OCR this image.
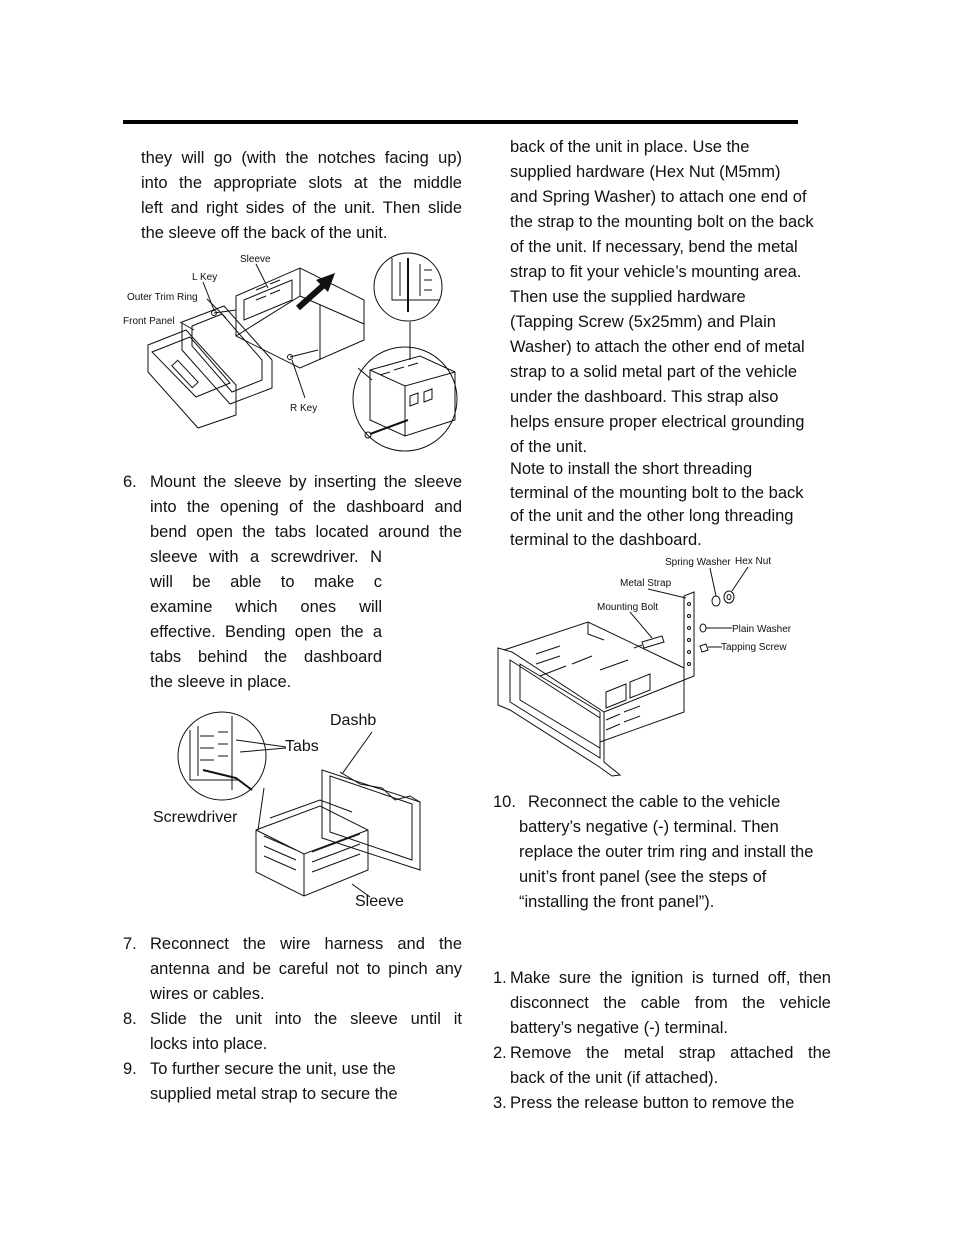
they will go (with the notches facing up)
into the appropriate slots at the middle
left and right sides of the unit. Then slide
the sleeve off the back of the unit.
Sleeve
L Key
Outer Trim Ring
Front Panel
R Key
6. Mount the sleeve by inserting the sleeve
into the opening of the dashboard and
bend open the tabs located around the
sleeve with a screwdriver. N
will be able to make c
examine which ones will
effective. Bending open the a
tabs behind the dashboard
the sleeve in place.
Dashb
Tabs
Screwdriver
Sleeve
7. Reconnect the wire harness and the
antenna and be careful not to pinch any
wires or cables.
8. Slide the unit into the sleeve until it
locks into place.
9. To further secure the unit, use the
supplied metal strap to secure the
back of the unit in place. Use the
supplied hardware (Hex Nut (M5mm)
and Spring Washer) to attach one end of
the strap to the mounting bolt on the back
of the unit. If necessary, bend the metal
strap to fit your vehicle’s mounting area.
Then use the supplied hardware
(Tapping Screw (5x25mm) and Plain
Washer) to attach the other end of metal
strap to a solid metal part of the vehicle
under the dashboard. This strap also
helps ensure proper electrical grounding
of the unit.
Note to install the short threading
terminal of the mounting bolt to the back
of the unit and the other long threading
terminal to the dashboard.
Spring Washer Hex Nut
Metal Strap
Mounting Bolt
Plain Washer
Tapping Screw
10. Reconnect the cable to the vehicle
battery’s negative (-) terminal. Then
replace the outer trim ring and install the
unit’s front panel (see the steps of
“installing the front panel”).
1. Make sure the ignition is turned off, then
disconnect the cable from the vehicle
battery’s negative (-) terminal.
2. Remove the metal strap attached the
back of the unit (if attached).
3. Press the release button to remove the
